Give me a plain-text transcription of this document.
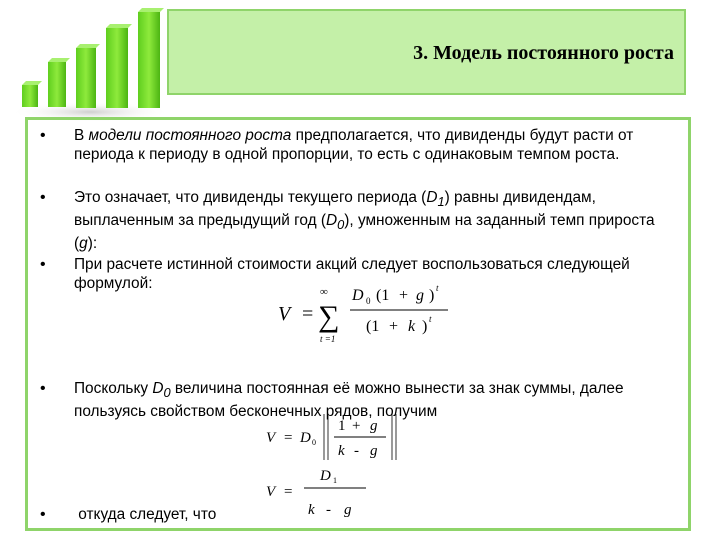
3. Модель постоянного роста
• В модели постоянного роста предполагается, что дивиденды будут расти от периода к периоду в одной пропорции, то есть с одинаковым темпом роста.
• Это означает, что дивиденды текущего периода $(D_1)$ равны дивидендам, выплаченным за предыдущий год $(D_0)$, умноженным на заданный темп прироста (g):
• При расчете истинной стоимости акций следует воспользоваться следующей формулой:
V =
∞
∑
t =1
D 0 (1 + g ) t
(1 + k ) t
• Поскольку $D_0$ величина постоянная её можно вынести за знак суммы, далее пользуясь свойством бесконечных рядов, получим
V = D 0
1 + g
k - g
V =
D 1
k - g
• откуда следует, что
